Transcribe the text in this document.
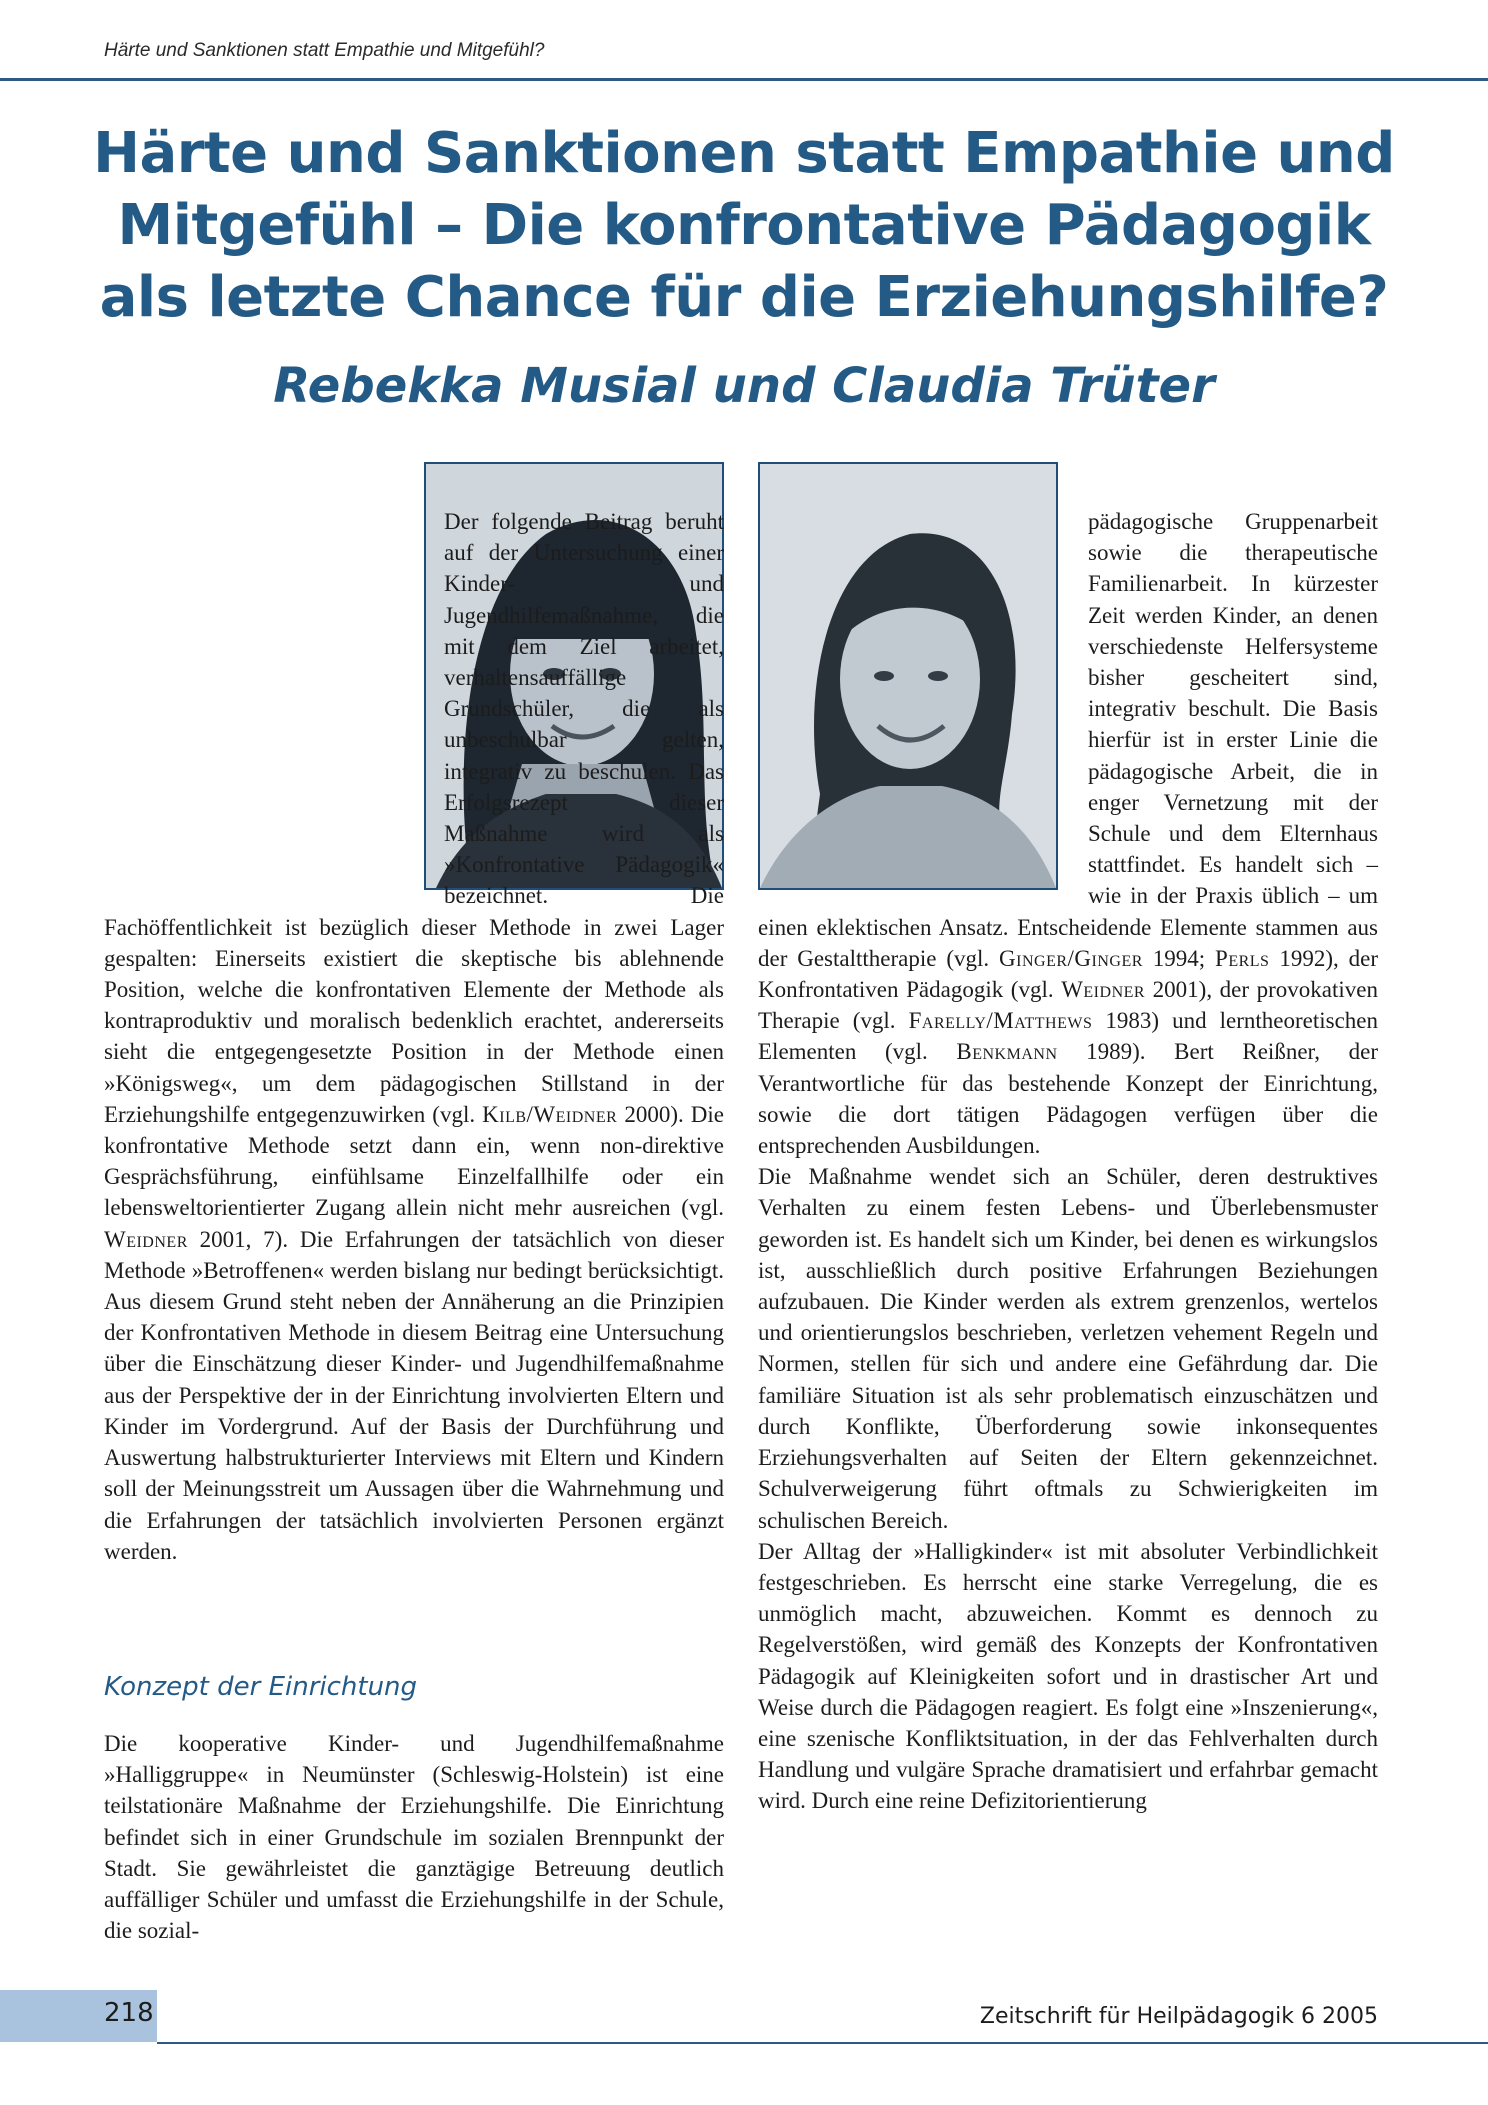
Härte und Sanktionen statt Empathie und Mitgefühl?
Härte und Sanktionen statt Empathie und Mitgefühl – Die konfrontative Pädagogik als letzte Chance für die Erziehungshilfe?
Rebekka Musial und Claudia Trüter

Der folgende Beitrag beruht auf der Untersuchung einer Kinder- und Jugendhilfemaßnahme, die mit dem Ziel arbeitet, verhaltensauffällige Grundschüler, die als unbeschulbar gelten, integrativ zu beschulen. Das Erfolgsrezept dieser Maßnahme wird als »Konfrontative Pädagogik« bezeichnet. Die Fachöffentlichkeit ist bezüglich dieser Methode in zwei Lager gespalten: Einerseits existiert die skeptische bis ablehnende Position, welche die konfrontativen Elemente der Methode als kontraproduktiv und moralisch bedenklich erachtet, andererseits sieht die entgegengesetzte Position in der Methode einen »Königsweg«, um dem pädagogischen Stillstand in der Erziehungshilfe entgegenzuwirken (vgl. Kilb/Weidner 2000). Die konfrontative Methode setzt dann ein, wenn non-direktive Gesprächsführung, einfühlsame Einzelfallhilfe oder ein lebensweltorientierter Zugang allein nicht mehr ausreichen (vgl. Weidner 2001, 7). Die Erfahrungen der tatsächlich von dieser Methode »Betroffenen« werden bislang nur bedingt berücksichtigt. Aus diesem Grund steht neben der Annäherung an die Prinzipien der Konfrontativen Methode in diesem Beitrag eine Untersuchung über die Einschätzung dieser Kinder- und Jugendhilfemaßnahme aus der Perspektive der in der Einrichtung involvierten Eltern und Kinder im Vordergrund. Auf der Basis der Durchführung und Auswertung halbstrukturierter Interviews mit Eltern und Kindern soll der Meinungsstreit um Aussagen über die Wahrnehmung und die Erfahrungen der tatsächlich involvierten Personen ergänzt werden.

Konzept der Einrichtung

Die kooperative Kinder- und Jugendhilfemaßnahme »Halliggruppe« in Neumünster (Schleswig-Holstein) ist eine teilstationäre Maßnahme der Erziehungshilfe. Die Einrichtung befindet sich in einer Grundschule im sozialen Brennpunkt der Stadt. Sie gewährleistet die ganztägige Betreuung deutlich auffälliger Schüler und umfasst die Erziehungshilfe in der Schule, die sozial-

pädagogische Gruppenarbeit sowie die therapeutische Familienarbeit. In kürzester Zeit werden Kinder, an denen verschiedenste Helfersysteme bisher gescheitert sind, integrativ beschult. Die Basis hierfür ist in erster Linie die pädagogische Arbeit, die in enger Vernetzung mit der Schule und dem Elternhaus stattfindet. Es handelt sich – wie in der Praxis üblich – um einen eklektischen Ansatz. Entscheidende Elemente stammen aus der Gestalttherapie (vgl. Ginger/Ginger 1994; Perls 1992), der Konfrontativen Pädagogik (vgl. Weidner 2001), der provokativen Therapie (vgl. Farelly/Matthews 1983) und lerntheoretischen Elementen (vgl. Benkmann 1989). Bert Reißner, der Verantwortliche für das bestehende Konzept der Einrichtung, sowie die dort tätigen Pädagogen verfügen über die entsprechenden Ausbildungen.

Die Maßnahme wendet sich an Schüler, deren destruktives Verhalten zu einem festen Lebens- und Überlebensmuster geworden ist. Es handelt sich um Kinder, bei denen es wirkungslos ist, ausschließlich durch positive Erfahrungen Beziehungen aufzubauen. Die Kinder werden als extrem grenzenlos, wertelos und orientierungslos beschrieben, verletzen vehement Regeln und Normen, stellen für sich und andere eine Gefährdung dar. Die familiäre Situation ist als sehr problematisch einzuschätzen und durch Konflikte, Überforderung sowie inkonsequentes Erziehungsverhalten auf Seiten der Eltern gekennzeichnet. Schulverweigerung führt oftmals zu Schwierigkeiten im schulischen Bereich.

Der Alltag der »Halligkinder« ist mit absoluter Verbindlichkeit festgeschrieben. Es herrscht eine starke Verregelung, die es unmöglich macht, abzuweichen. Kommt es dennoch zu Regelverstößen, wird gemäß des Konzepts der Konfrontativen Pädagogik auf Kleinigkeiten sofort und in drastischer Art und Weise durch die Pädagogen reagiert. Es folgt eine »Inszenierung«, eine szenische Konfliktsituation, in der das Fehlverhalten durch Handlung und vulgäre Sprache dramatisiert und erfahrbar gemacht wird. Durch eine reine Defizitorientierung

218	Zeitschrift für Heilpädagogik 6 2005
